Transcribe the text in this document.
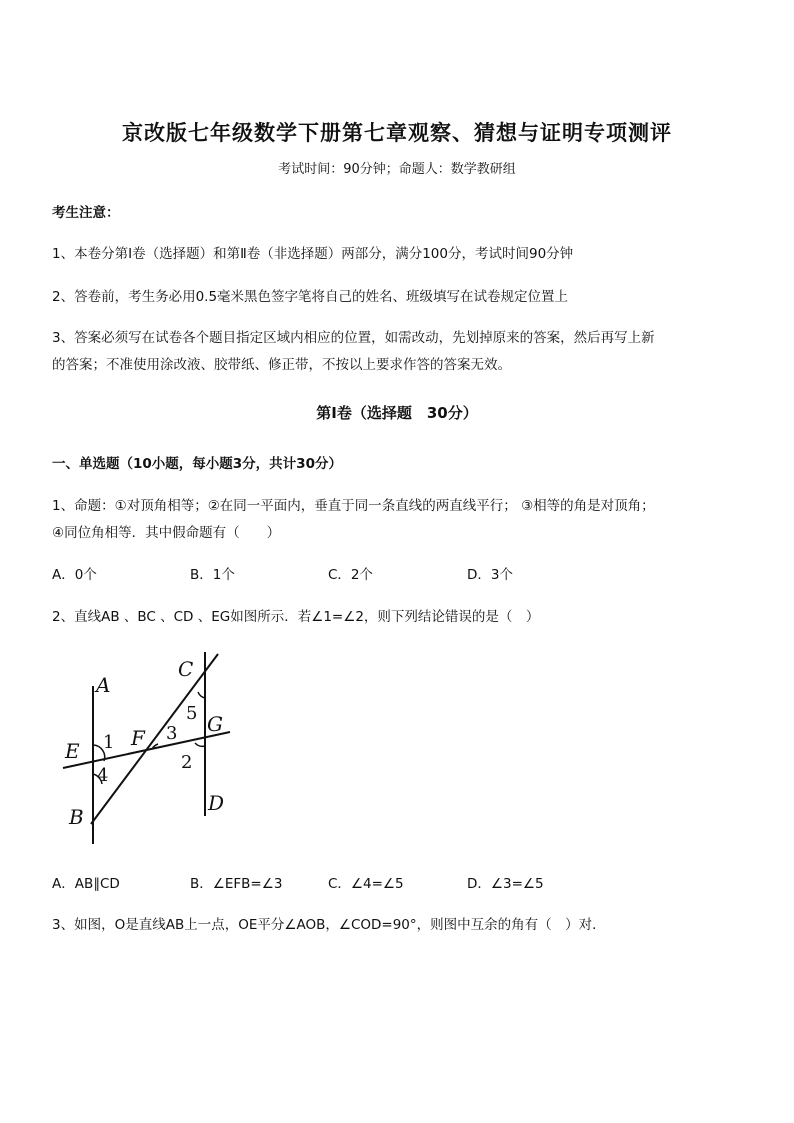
京改版七年级数学下册第七章观察、猜想与证明专项测评
考试时间：90分钟；命题人：数学教研组
考生注意：
1、本卷分第Ⅰ卷（选择题）和第Ⅱ卷（非选择题）两部分，满分100分，考试时间90分钟
2、答卷前，考生务必用0.5毫米黑色签字笔将自己的姓名、班级填写在试卷规定位置上
3、答案必须写在试卷各个题目指定区域内相应的位置，如需改动，先划掉原来的答案，然后再写上新
的答案；不准使用涂改液、胶带纸、修正带，不按以上要求作答的答案无效。
第Ⅰ卷（选择题　30分）
一、单选题（10小题，每小题3分，共计30分）
1、命题：①对顶角相等；②在同一平面内，垂直于同一条直线的两直线平行； ③相等的角是对顶角；
④同位角相等．其中假命题有（　　）
A．0个	B．1个	C．2个	D．3个
2、直线AB 、BC 、CD 、EG如图所示．若∠1=∠2，则下列结论错误的是（　）
A
B
C
D
E
F
G
1
2
3
4
5
A．AB∥CD	B．∠EFB=∠3	C．∠4=∠5	D．∠3=∠5
3、如图，O是直线AB上一点，OE平分∠AOB，∠COD=90°，则图中互余的角有（　）对．
